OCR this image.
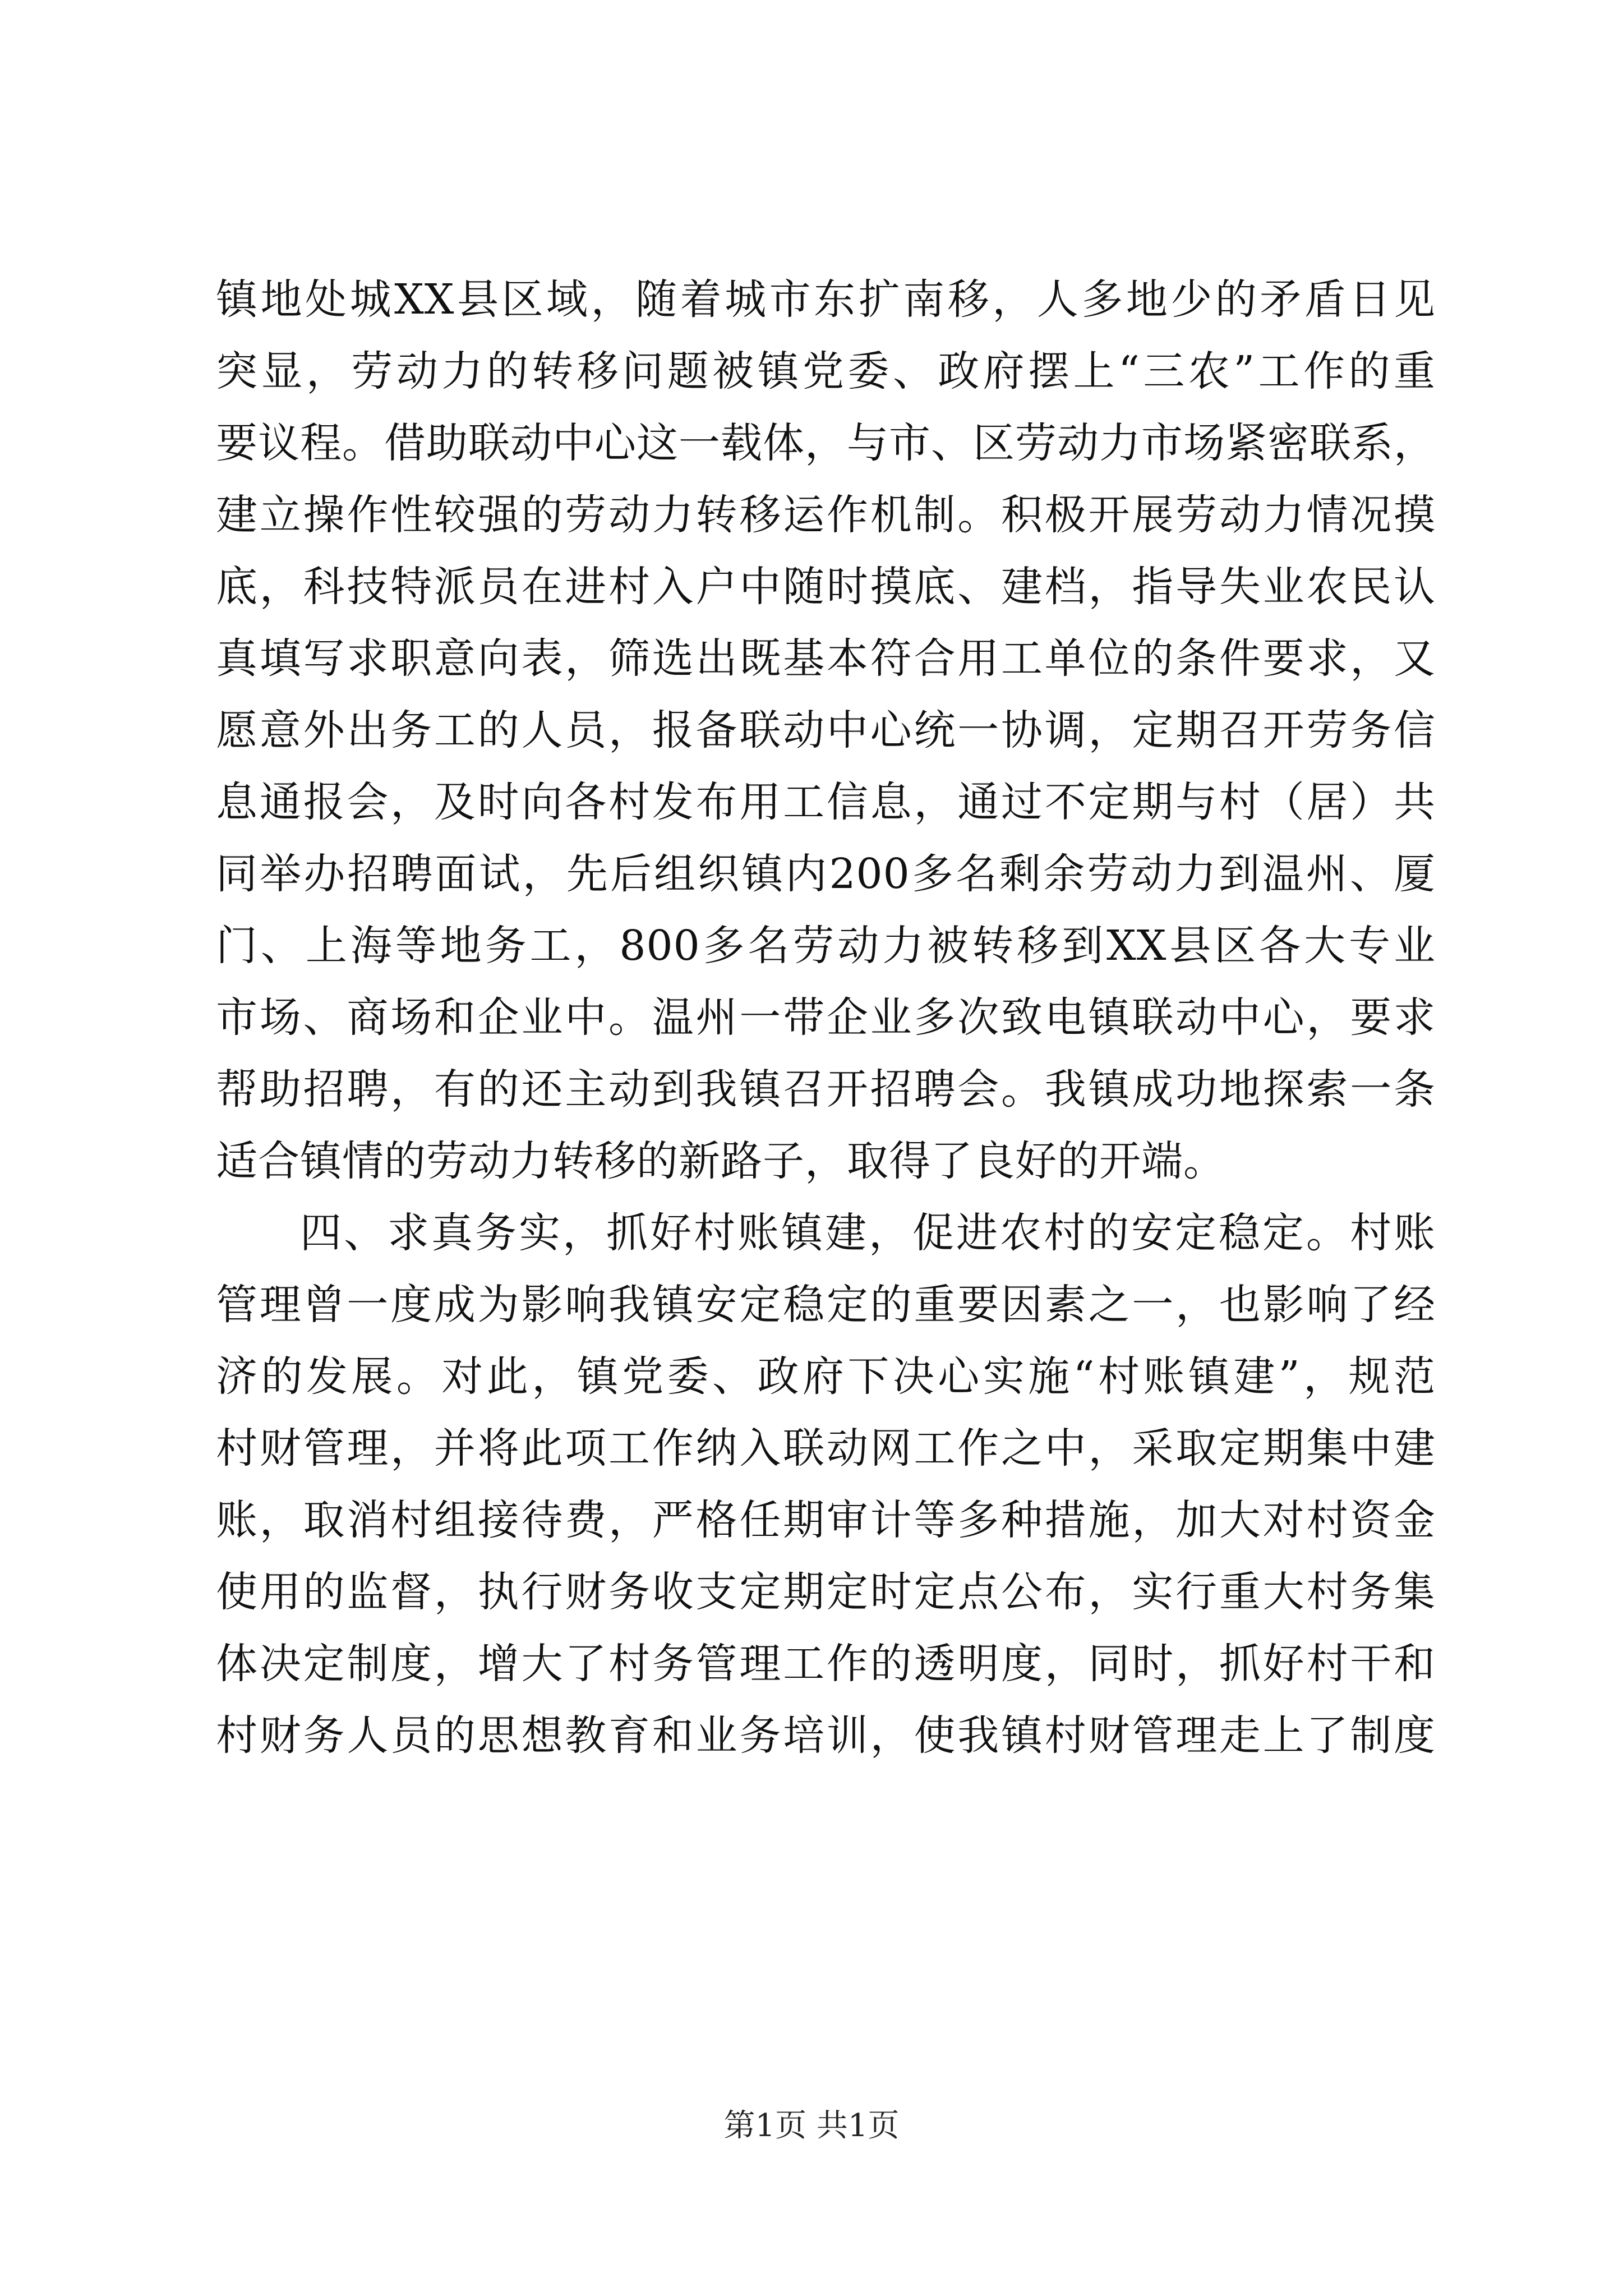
镇地处城XX县区域，随着城市东扩南移，人多地少的矛盾日见
突显，劳动力的转移问题被镇党委、政府摆上“三农”工作的重
要议程。借助联动中心这一载体，与市、区劳动力市场紧密联系，
建立操作性较强的劳动力转移运作机制。积极开展劳动力情况摸
底，科技特派员在进村入户中随时摸底、建档，指导失业农民认
真填写求职意向表，筛选出既基本符合用工单位的条件要求，又
愿意外出务工的人员，报备联动中心统一协调，定期召开劳务信
息通报会，及时向各村发布用工信息，通过不定期与村（居）共
同举办招聘面试，先后组织镇内200多名剩余劳动力到温州、厦
门、上海等地务工，800多名劳动力被转移到XX县区各大专业
市场、商场和企业中。温州一带企业多次致电镇联动中心，要求
帮助招聘，有的还主动到我镇召开招聘会。我镇成功地探索一条
适合镇情的劳动力转移的新路子，取得了良好的开端。
四、求真务实，抓好村账镇建，促进农村的安定稳定。村账
管理曾一度成为影响我镇安定稳定的重要因素之一，也影响了经
济的发展。对此，镇党委、政府下决心实施“村账镇建”，规范
村财管理，并将此项工作纳入联动网工作之中，采取定期集中建
账，取消村组接待费，严格任期审计等多种措施，加大对村资金
使用的监督，执行财务收支定期定时定点公布，实行重大村务集
体决定制度，增大了村务管理工作的透明度，同时，抓好村干和
村财务人员的思想教育和业务培训，使我镇村财管理走上了制度
第1页 共1页
